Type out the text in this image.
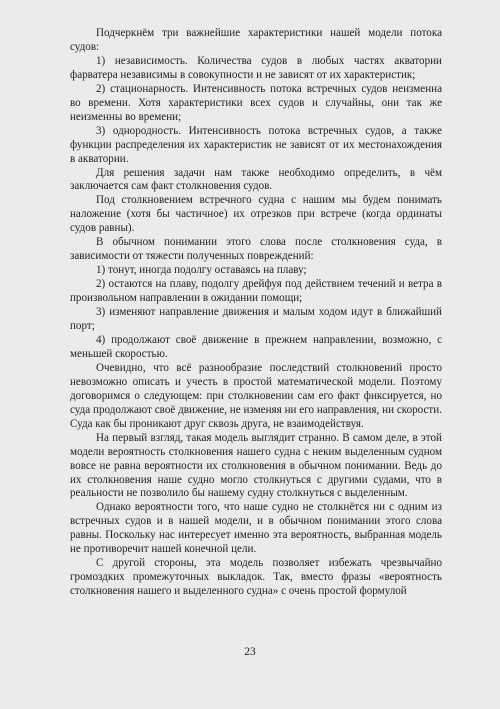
Подчеркнём три важнейшие характеристики нашей модели потока судов:

1) независимость. Количества судов в любых частях акватории фарватера независимы в совокупности и не зависят от их характеристик;

2) стационарность. Интенсивность потока встречных судов неизменна во времени. Хотя характеристики всех судов и случайны, они так же неизменны во времени;

3) однородность. Интенсивность потока встречных судов, а также функции распределения их характеристик не зависят от их местонахождения в акватории.

Для решения задачи нам также необходимо определить, в чём заключается сам факт столкновения судов.

Под столкновением встречного судна с нашим мы будем понимать наложение (хотя бы частичное) их отрезков при встрече (когда ординаты судов равны).

В обычном понимании этого слова после столкновения суда, в зависимости от тяжести полученных повреждений:

1) тонут, иногда подолгу оставаясь на плаву;

2) остаются на плаву, подолгу дрейфуя под действием течений и ветра в произвольном направлении в ожидании помощи;

3) изменяют направление движения и малым ходом идут в ближайший порт;

4) продолжают своё движение в прежнем направлении, возможно, с меньшей скоростью.

Очевидно, что всё разнообразие последствий столкновений просто невозможно описать и учесть в простой математической модели. Поэтому договоримся о следующем: при столкновении сам его факт фиксируется, но суда продолжают своё движение, не изменяя ни его направления, ни скорости. Суда как бы проникают друг сквозь друга, не взаимодействуя.

На первый взгляд, такая модель выглядит странно. В самом деле, в этой модели вероятность столкновения нашего судна с неким выделенным судном вовсе не равна вероятности их столкновения в обычном понимании. Ведь до их столкновения наше судно могло столкнуться с другими судами, что в реальности не позволило бы нашему судну столкнуться с выделенным.

Однако вероятности того, что наше судно не столкнётся ни с одним из встречных судов и в нашей модели, и в обычном понимании этого слова равны. Поскольку нас интересует именно эта вероятность, выбранная модель не противоречит нашей конечной цели.

С другой стороны, эта модель позволяет избежать чрезвычайно громоздких промежуточных выкладок. Так, вместо фразы «вероятность столкновения нашего и выделенного судна» с очень простой формулой

23
